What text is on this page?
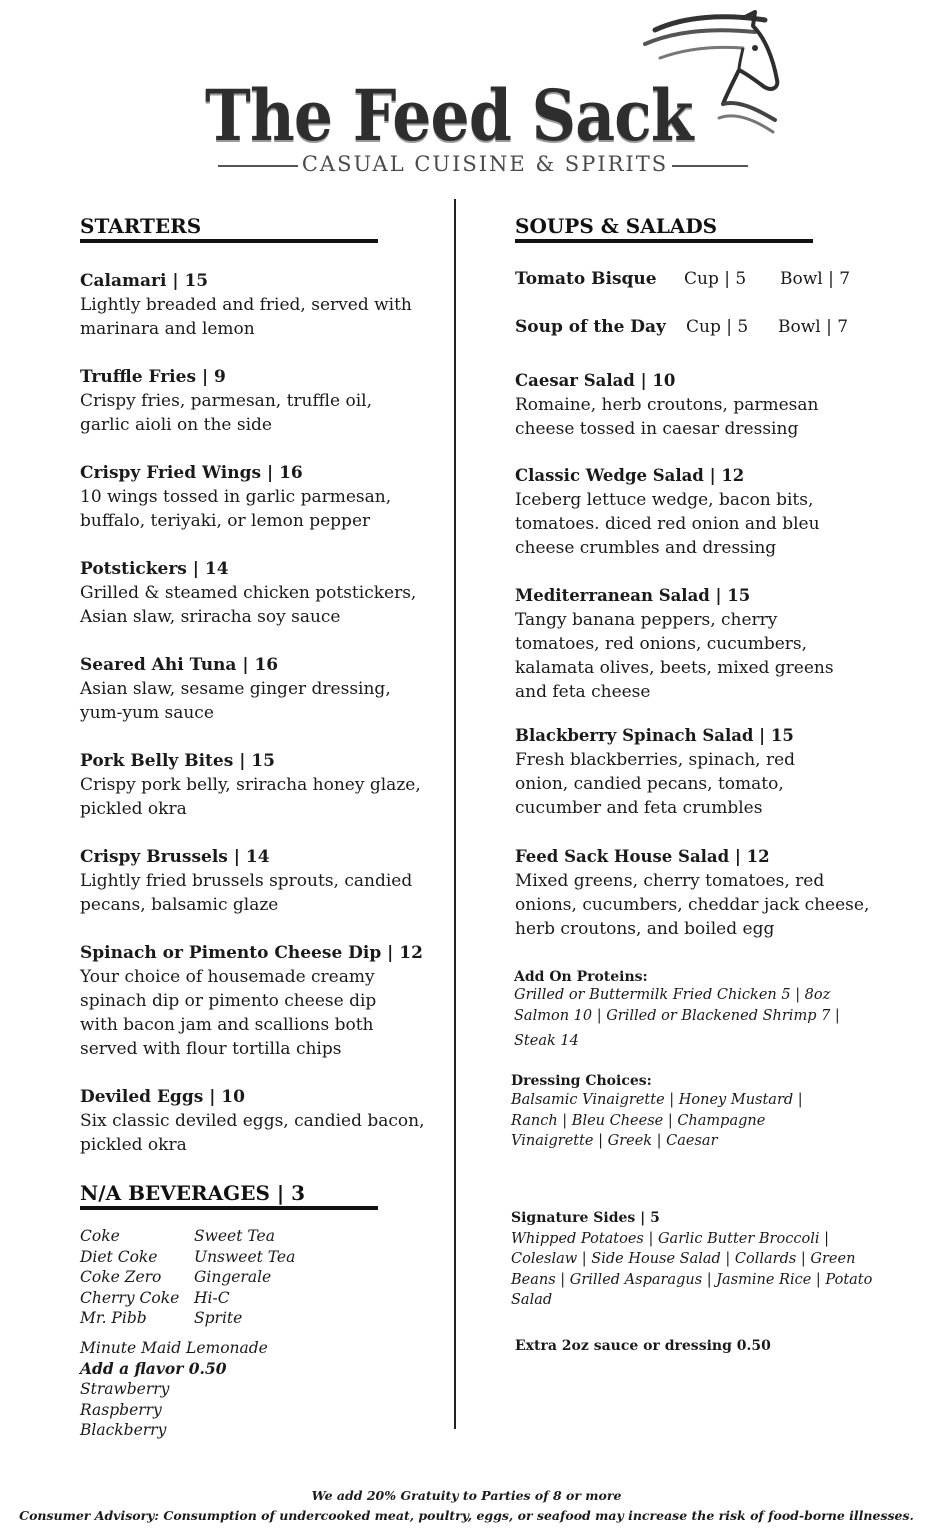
The Feed Sack
CASUAL CUISINE & SPIRITS
STARTERS
Calamari | 15
Lightly breaded and fried, served with
marinara and lemon
Truffle Fries | 9
Crispy fries, parmesan, truffle oil,
garlic aioli on the side
Crispy Fried Wings | 16
10 wings tossed in garlic parmesan,
buffalo, teriyaki, or lemon pepper
Potstickers | 14
Grilled & steamed chicken potstickers,
Asian slaw, sriracha soy sauce
Seared Ahi Tuna | 16
Asian slaw, sesame ginger dressing,
yum-yum sauce
Pork Belly Bites | 15
Crispy pork belly, sriracha honey glaze,
pickled okra
Crispy Brussels | 14
Lightly fried brussels sprouts, candied
pecans, balsamic glaze
Spinach or Pimento Cheese Dip | 12
Your choice of housemade creamy
spinach dip or pimento cheese dip
with bacon jam and scallions both
served with flour tortilla chips
Deviled Eggs | 10
Six classic deviled eggs, candied bacon,
pickled okra
N/A BEVERAGES | 3
Coke
Diet Coke
Coke Zero
Cherry Coke
Mr. Pibb
Sweet Tea
Unsweet Tea
Gingerale
Hi-C
Sprite
Minute Maid Lemonade
Add a flavor 0.50
Strawberry
Raspberry
Blackberry
SOUPS & SALADS
Tomato Bisque Cup | 5 Bowl | 7
Soup of the Day Cup | 5 Bowl | 7
Caesar Salad | 10
Romaine, herb croutons, parmesan
cheese tossed in caesar dressing
Classic Wedge Salad | 12
Iceberg lettuce wedge, bacon bits,
tomatoes. diced red onion and bleu
cheese crumbles and dressing
Mediterranean Salad | 15
Tangy banana peppers, cherry
tomatoes, red onions, cucumbers,
kalamata olives, beets, mixed greens
and feta cheese
Blackberry Spinach Salad | 15
Fresh blackberries, spinach, red
onion, candied pecans, tomato,
cucumber and feta crumbles
Feed Sack House Salad | 12
Mixed greens, cherry tomatoes, red
onions, cucumbers, cheddar jack cheese,
herb croutons, and boiled egg
Add On Proteins:
Grilled or Buttermilk Fried Chicken 5 | 8oz
Salmon 10 | Grilled or Blackened Shrimp 7 |
Steak 14
Dressing Choices:
Balsamic Vinaigrette | Honey Mustard |
Ranch | Bleu Cheese | Champagne
Vinaigrette | Greek | Caesar
Signature Sides | 5
Whipped Potatoes | Garlic Butter Broccoli |
Coleslaw | Side House Salad | Collards | Green
Beans | Grilled Asparagus | Jasmine Rice | Potato
Salad
Extra 2oz sauce or dressing 0.50
We add 20% Gratuity to Parties of 8 or more
Consumer Advisory: Consumption of undercooked meat, poultry, eggs, or seafood may increase the risk of food-borne illnesses.
